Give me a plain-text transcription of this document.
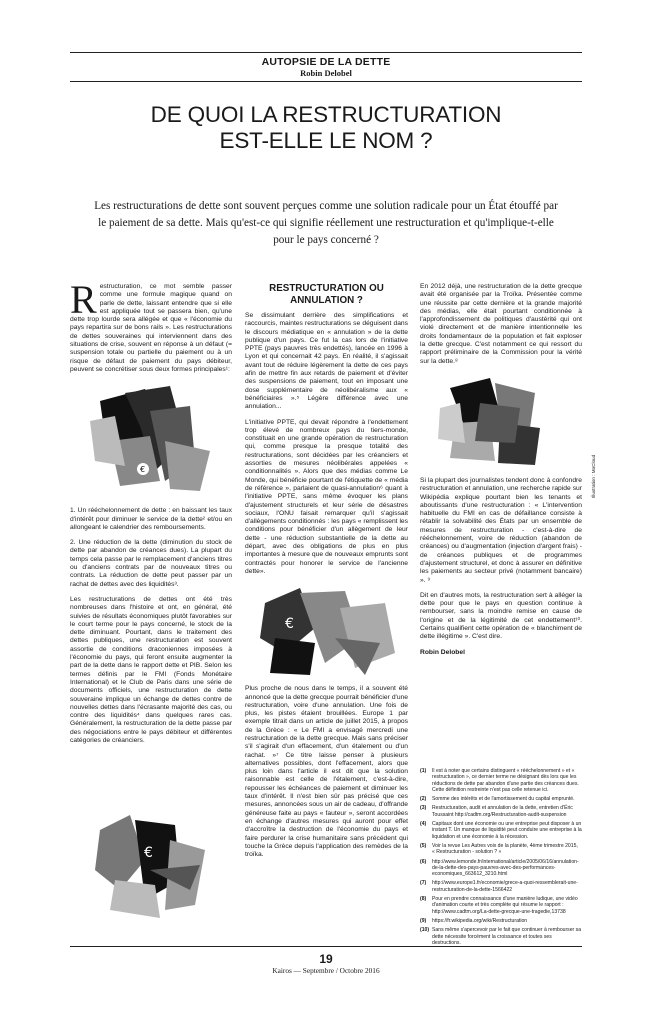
AUTOPSIE DE LA DETTE
Robin Delobel
DE QUOI LA RESTRUCTURATION
EST-ELLE LE NOM ?
Les restructurations de dette sont souvent perçues comme une solution radicale pour un État étouffé par le paiement de sa dette. Mais qu'est-ce qui signifie réellement une restructuration et qu'implique-t-elle pour le pays concerné ?

Restructuration, ce mot semble passer comme une formule magique quand on parle de dette, laissant entendre que si elle est appliquée tout se passera bien, qu'une dette trop lourde sera allégée et que « l'économie du pays repartira sur de bons rails ». Les restructurations de dettes souveraines qui interviennent dans des situations de crise, souvent en réponse à un défaut (= suspension totale ou partielle du paiement ou à un risque de défaut de paiement du pays débiteur, peuvent se concrétiser sous deux formes principales¹:

€

1. Un rééchelonnement de dette : en baissant les taux d'intérêt pour diminuer le service de la dette² et/ou en allongeant le calendrier des remboursements.

2. Une réduction de la dette (diminution du stock de dette par abandon de créances dues). La plupart du temps cela passe par le remplacement d'anciens titres ou d'anciens contrats par de nouveaux titres ou contrats. La réduction de dette peut passer par un rachat de dettes avec des liquidités³.

Les restructurations de dettes ont été très nombreuses dans l'histoire et ont, en général, été suivies de résultats économiques plutôt favorables sur le court terme pour le pays concerné, le stock de la dette diminuant. Pourtant, dans le traitement des dettes publiques, une restructuration est souvent assortie de conditions draconiennes imposées à l'économie du pays, qui feront ensuite augmenter la part de la dette dans le rapport dette et PIB. Selon les termes définis par le FMI (Fonds Monétaire International) et le Club de Paris dans une série de documents officiels, une restructuration de dette souveraine implique un échange de dettes contre de nouvelles dettes dans l'écrasante majorité des cas, ou contre des liquidités⁴ dans quelques rares cas. Généralement, la restructuration de la dette passe par des négociations entre le pays débiteur et différentes catégories de créanciers.

€
RESTRUCTURATION OU
ANNULATION ?

Se dissimulant derrière des simplifications et raccourcis, maintes restructurations se déguisent dans le discours médiatique en « annulation » de la dette publique d'un pays. Ce fut la cas lors de l'initiative PPTE (pays pauvres très endettés), lancée en 1996 à Lyon et qui concernait 42 pays. En réalité, il s'agissait avant tout de réduire légèrement la dette de ces pays afin de mettre fin aux retards de paiement et d'éviter des suspensions de paiement, tout en imposant une dose supplémentaire de néolibéralisme aux « bénéficiaires ».⁵ Légère différence avec une annulation...

L'initiative PPTE, qui devait répondre à l'endettement trop élevé de nombreux pays du tiers-monde, constituait en une grande opération de restructuration qui, comme presque la presque totalité des restructurations, sont décidées par les créanciers et assorties de mesures néolibérales appelées « conditionnalités ». Alors que des médias comme Le Monde, qui bénéficie pourtant de l'étiquette de « média de référence », parlaient de quasi-annulation⁶ quant à l'initiative PPTE, sans même évoquer les plans d'ajustement structurels et leur série de désastres sociaux, l'ONU faisait remarquer qu'il s'agissait d'allègements conditionnés : les pays « remplissent les conditions pour bénéficier d'un allègement de leur dette - une réduction substantielle de la dette au départ, avec des obligations de plus en plus importantes à mesure que de nouveaux emprunts sont contractés pour honorer le service de l'ancienne dette».

€

Plus proche de nous dans le temps, il a souvent été annoncé que la dette grecque pourrait bénéficier d'une restructuration, voire d'une annulation. Une fois de plus, les pistes étaient brouillées. Europe 1 par exemple titrait dans un article de juillet 2015, à propos de la Grèce : « Le FMI a envisagé mercredi une restructuration de la dette grecque. Mais sans préciser s'il s'agirait d'un effacement, d'un étalement ou d'un rachat. »⁷ Ce titre laisse penser à plusieurs alternatives possibles, dont l'effacement, alors que plus loin dans l'article il est dit que la solution raisonnable est celle de l'étalement, c'est-à-dire, repousser les échéances de paiement et diminuer les taux d'intérêt. Il n'est bien sûr pas précisé que ces mesures, annoncées sous un air de cadeau, d'offrande généreuse faite au pays « fauteur », seront accordées en échange d'autres mesures qui auront pour effet d'accroître la destruction de l'économie du pays et faire perdurer la crise humanitaire sans précédent qui touche la Grèce depuis l'application des remèdes de la troïka.

En 2012 déjà, une restructuration de la dette grecque avait été organisée par la Troïka. Présentée comme une réussite par cette dernière et la grande majorité des médias, elle était pourtant conditionnée à l'approfondissement de politiques d'austérité qui ont violé directement et de manière intentionnelle les droits fondamentaux de la population et fait exploser la dette grecque. C'est notamment ce qui ressort du rapport préliminaire de la Commission pour la vérité sur la dette.⁸

Si la plupart des journalistes tendent donc à confondre restructuration et annulation, une recherche rapide sur Wikipédia explique pourtant bien les tenants et aboutissants d'une restructuration : « L'intervention habituelle du FMI en cas de défaillance consiste à rétablir la solvabilité des États par un ensemble de mesures de restructuration - c'est-à-dire de rééchelonnement, voire de réduction (abandon de créances) ou d'augmentation (injection d'argent frais) - de créances publiques et de programmes d'ajustement structurel, et donc à assurer en définitive les paiements au secteur privé (notamment bancaire) ». ⁹

Dit en d'autres mots, la restructuration sert à alléger la dette pour que le pays en question continue à rembourser, sans la moindre remise en cause de l'origine et de la légitimité de cet endettement¹⁰. Certains qualifient cette opération de « blanchiment de dette illégitime ». C'est dire.

Robin Delobel

Illustration : MoCloud
(1)	Il est à noter que certains distinguent « rééchelonnement » et « restructuration », ce dernier terme ne désignant dès lors que les réductions de dette par abandon d'une partie des créances dues. Cette définition restreinte n'est pas celle retenue ici.
(2)	Somme des intérêts et de l'amortissement du capital emprunté.
(3)	Restructuration, audit et annulation de la dette, entretien d'Éric Toussaint http://cadtm.org/Restructuration-audit-suspension
(4)	Capitaux dont une économie ou une entreprise peut disposer à un instant T. Un manque de liquidité peut conduire une entreprise à la liquidation et une économie à la récession.
(5)	Voir la revue Les Autres voix de la planète, 4ème trimestre 2015, « Restructuration - solution ? »
(6)	http://www.lemonde.fr/international/article/2005/06/16/annulation-de-la-dette-des-pays-pauvres-avec-des-performances-economiques_663612_3210.html
(7)	http://www.europe1.fr/economie/grece-a-quoi-ressemblerait-une-restructuration-de-la-dette-1566422
(8)	Pour en prendre connaissance d'une manière ludique, une vidéo d'animation courte et très complète qui résume le rapport : http://www.cadtm.org/La-dette-grecque-une-tragedie,13738
(9)	https://fr.wikipedia.org/wiki/Restructuration
(10) Sans même s'apercevoir par le fait que continuer à rembourser sa dette nécessite forcément la croissance et toutes ses destructions.
19
Kairos — Septembre / Octobre 2016
